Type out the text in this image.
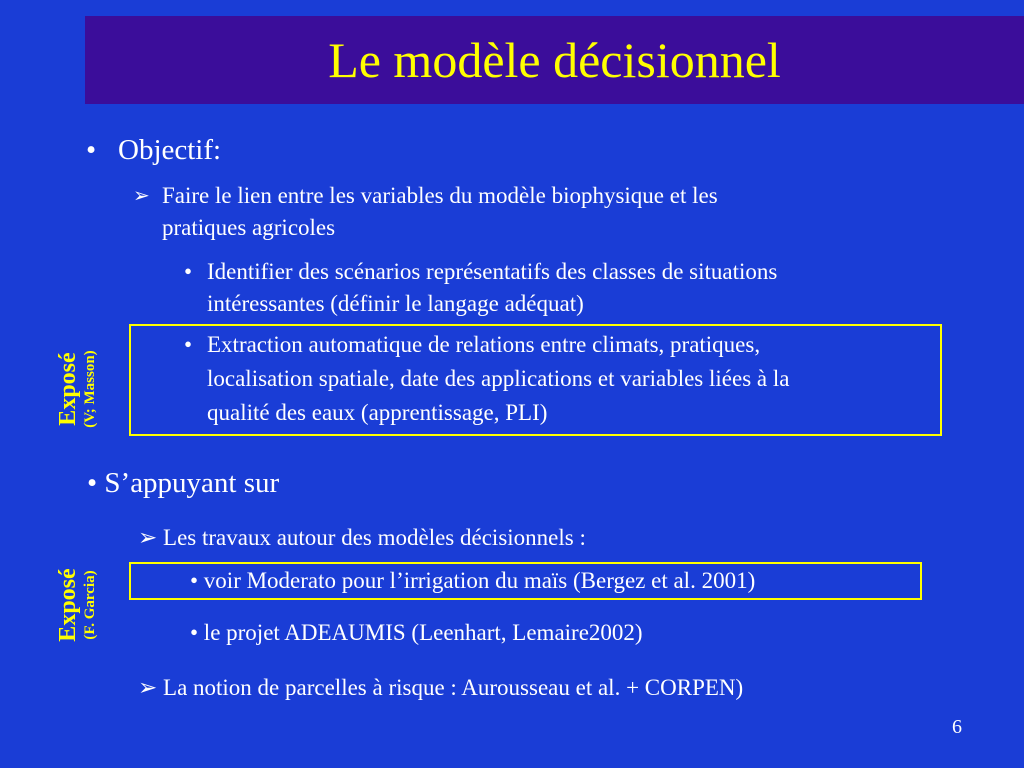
Le modèle décisionnel
• Objectif:
➢ Faire le lien entre les variables du modèle biophysique et les
pratiques agricoles
• Identifier des scénarios représentatifs des classes de situations
intéressantes (définir le langage adéquat)
• Extraction automatique de relations entre climats, pratiques,
localisation spatiale, date des applications et variables liées à la
qualité des eaux (apprentissage, PLI)
Exposé (V; Masson)
• S’appuyant sur
➢ Les travaux autour des modèles décisionnels :
• voir Moderato pour l’irrigation du maïs (Bergez et al. 2001)
• le projet ADEAUMIS (Leenhart, Lemaire2002)
➢ La notion de parcelles à risque : Aurousseau et al. + CORPEN)
Exposé (F. Garcia)
6
